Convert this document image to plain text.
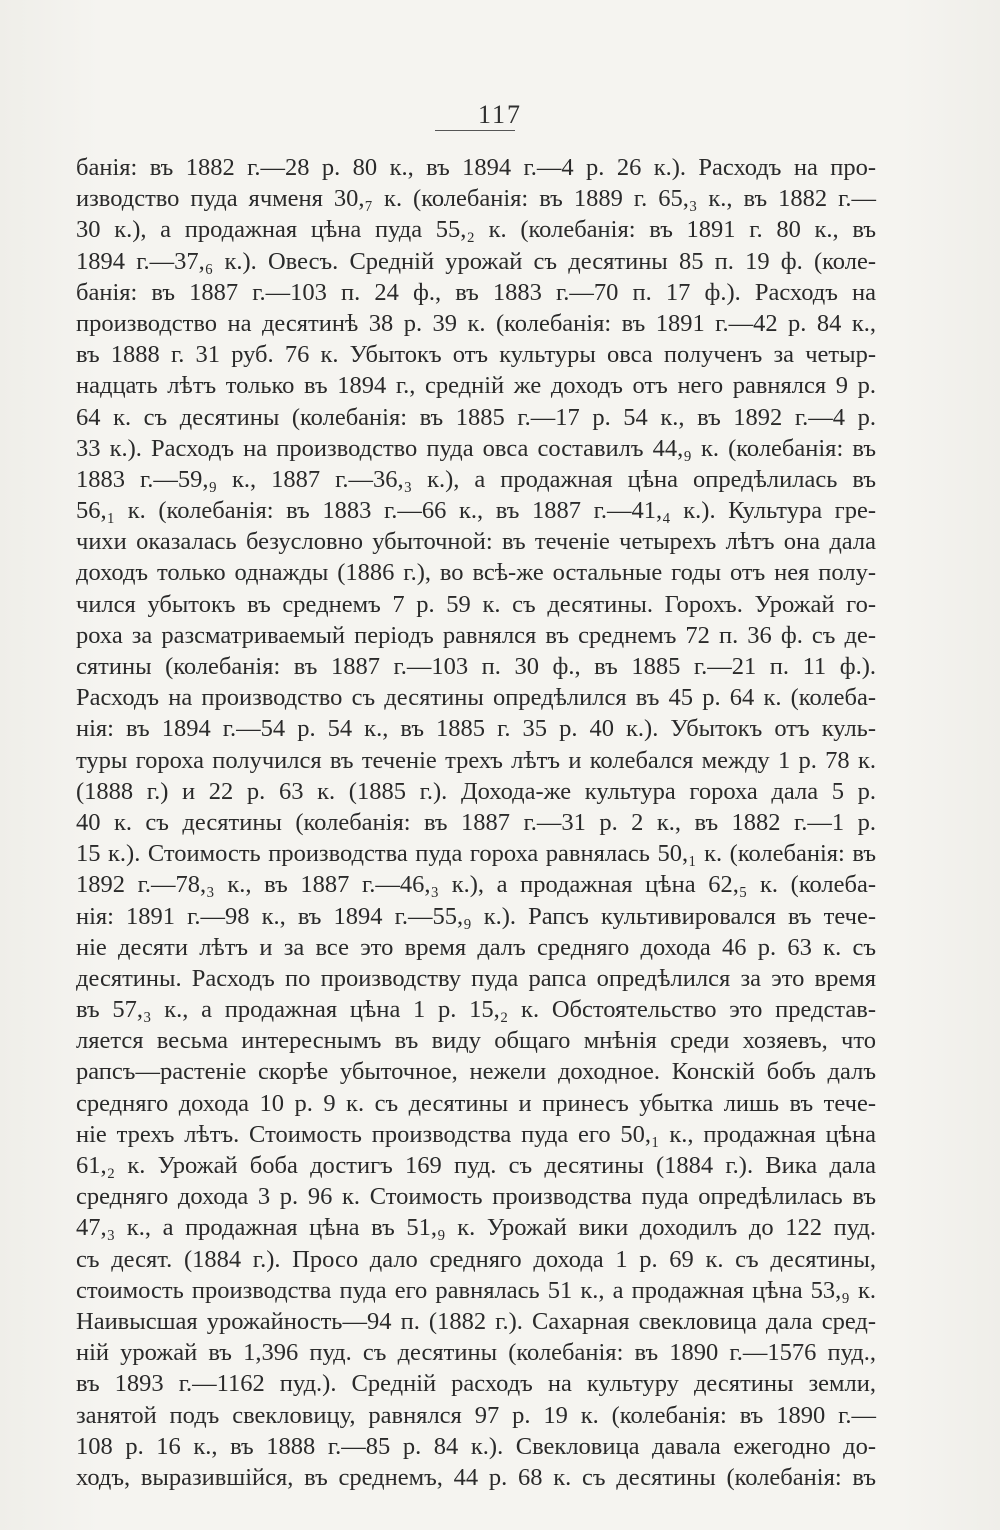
117
банія: въ 1882 г.—28 р. 80 к., въ 1894 г.—4 р. 26 к.). Расходъ на про-
изводство пуда ячменя 30,₇ к. (колебанія: въ 1889 г. 65,₃ к., въ 1882 г.—
30 к.), а продажная цѣна пуда 55,₂ к. (колебанія: въ 1891 г. 80 к., въ
1894 г.—37,₆ к.). Овесъ. Средній урожай съ десятины 85 п. 19 ф. (коле-
банія: въ 1887 г.—103 п. 24 ф., въ 1883 г.—70 п. 17 ф.). Расходъ на
производство на десятинѣ 38 р. 39 к. (колебанія: въ 1891 г.—42 р. 84 к.,
въ 1888 г. 31 руб. 76 к. Убытокъ отъ культуры овса полученъ за четыр-
надцать лѣтъ только въ 1894 г., средній же доходъ отъ него равнялся 9 р.
64 к. съ десятины (колебанія: въ 1885 г.—17 р. 54 к., въ 1892 г.—4 р.
33 к.). Расходъ на производство пуда овса составилъ 44,₉ к. (колебанія: въ
1883 г.—59,₉ к., 1887 г.—36,₃ к.), а продажная цѣна опредѣлилась въ
56,₁ к. (колебанія: въ 1883 г.—66 к., въ 1887 г.—41,₄ к.). Культура гре-
чихи оказалась безусловно убыточной: въ теченіе четырехъ лѣтъ она дала
доходъ только однажды (1886 г.), во всѣ-же остальные годы отъ нея полу-
чился убытокъ въ среднемъ 7 р. 59 к. съ десятины. Горохъ. Урожай го-
роха за разсматриваемый періодъ равнялся въ среднемъ 72 п. 36 ф. съ де-
сятины (колебанія: въ 1887 г.—103 п. 30 ф., въ 1885 г.—21 п. 11 ф.).
Расходъ на производство съ десятины опредѣлился въ 45 р. 64 к. (колеба-
нія: въ 1894 г.—54 р. 54 к., въ 1885 г. 35 р. 40 к.). Убытокъ отъ куль-
туры гороха получился въ теченіе трехъ лѣтъ и колебался между 1 р. 78 к.
(1888 г.) и 22 р. 63 к. (1885 г.). Дохода-же культура гороха дала 5 р.
40 к. съ десятины (колебанія: въ 1887 г.—31 р. 2 к., въ 1882 г.—1 р.
15 к.). Стоимость производства пуда гороха равнялась 50,₁ к. (колебанія: въ
1892 г.—78,₃ к., въ 1887 г.—46,₃ к.), а продажная цѣна 62,₅ к. (колеба-
нія: 1891 г.—98 к., въ 1894 г.—55,₉ к.). Рапсъ культивировался въ тече-
ніе десяти лѣтъ и за все это время далъ средняго дохода 46 р. 63 к. съ
десятины. Расходъ по производству пуда рапса опредѣлился за это время
въ 57,₃ к., а продажная цѣна 1 р. 15,₂ к. Обстоятельство это представ-
ляется весьма интереснымъ въ виду общаго мнѣнія среди хозяевъ, что
рапсъ—растеніе скорѣе убыточное, нежели доходное. Конскій бобъ далъ
средняго дохода 10 р. 9 к. съ десятины и принесъ убытка лишь въ тече-
ніе трехъ лѣтъ. Стоимость производства пуда его 50,₁ к., продажная цѣна
61,₂ к. Урожай боба достигъ 169 пуд. съ десятины (1884 г.). Вика дала
средняго дохода 3 р. 96 к. Стоимость производства пуда опредѣлилась въ
47,₃ к., а продажная цѣна въ 51,₉ к. Урожай вики доходилъ до 122 пуд.
съ десят. (1884 г.). Просо дало средняго дохода 1 р. 69 к. съ десятины,
стоимость производства пуда его равнялась 51 к., а продажная цѣна 53,₉ к.
Наивысшая урожайность—94 п. (1882 г.). Сахарная свекловица дала сред-
ній урожай въ 1,396 пуд. съ десятины (колебанія: въ 1890 г.—1576 пуд.,
въ 1893 г.—1162 пуд.). Средній расходъ на культуру десятины земли,
занятой подъ свекловицу, равнялся 97 р. 19 к. (колебанія: въ 1890 г.—
108 р. 16 к., въ 1888 г.—85 р. 84 к.). Свекловица давала ежегодно до-
ходъ, выразившійся, въ среднемъ, 44 р. 68 к. съ десятины (колебанія: въ
